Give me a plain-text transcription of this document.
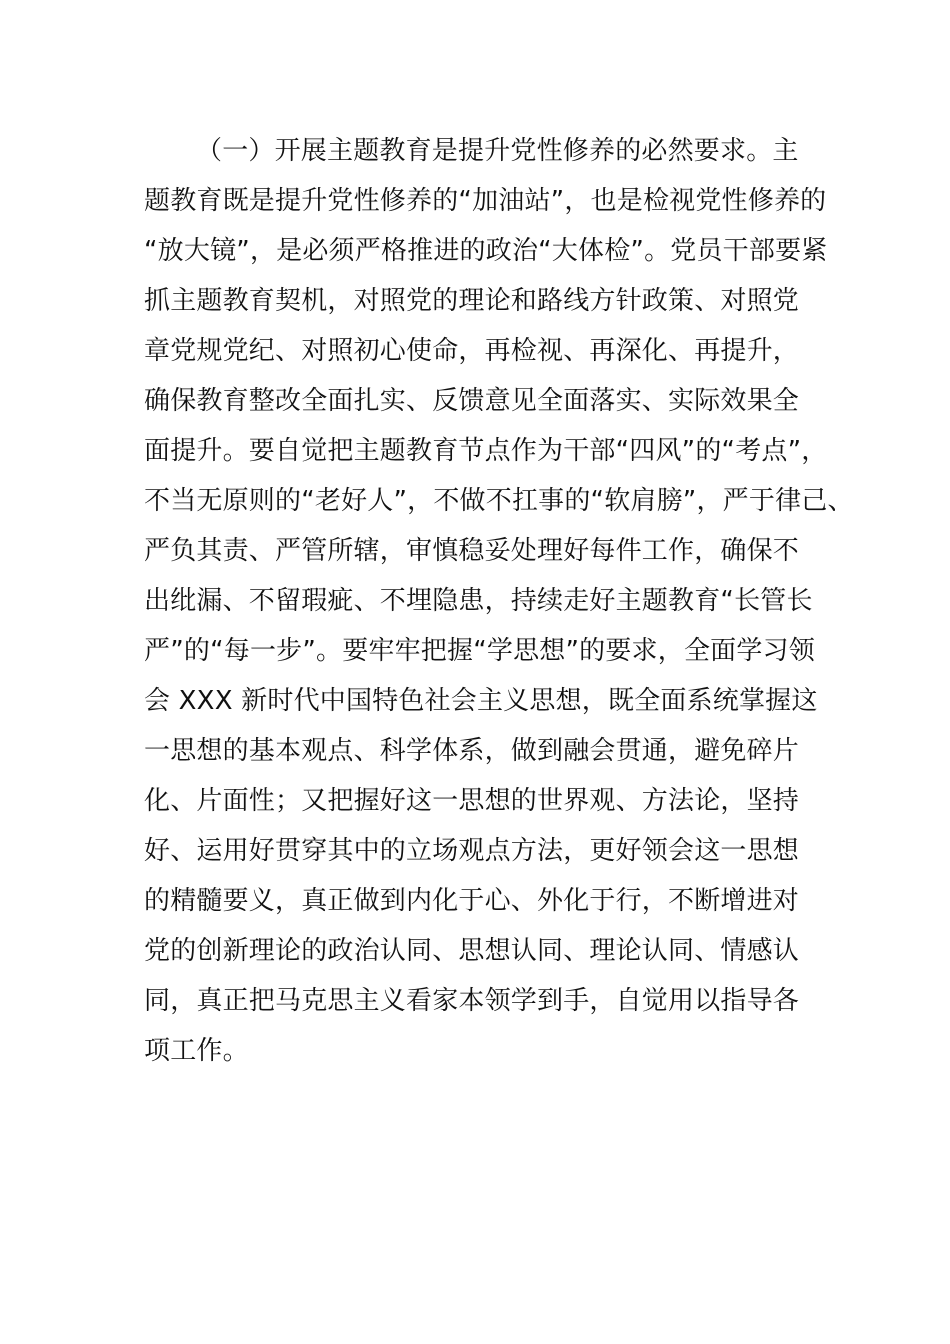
（一）开展主题教育是提升党性修养的必然要求。主
题教育既是提升党性修养的“加油站”，也是检视党性修养的
“放大镜”，是必须严格推进的政治“大体检”。党员干部要紧
抓主题教育契机，对照党的理论和路线方针政策、对照党
章党规党纪、对照初心使命，再检视、再深化、再提升，
确保教育整改全面扎实、反馈意见全面落实、实际效果全
面提升。要自觉把主题教育节点作为干部“四风”的“考点”，
不当无原则的“老好人”，不做不扛事的“软肩膀”，严于律己、
严负其责、严管所辖，审慎稳妥处理好每件工作，确保不
出纰漏、不留瑕疵、不埋隐患，持续走好主题教育“长管长
严”的“每一步”。要牢牢把握“学思想”的要求，全面学习领
会 XXX 新时代中国特色社会主义思想，既全面系统掌握这
一思想的基本观点、科学体系，做到融会贯通，避免碎片
化、片面性；又把握好这一思想的世界观、方法论，坚持
好、运用好贯穿其中的立场观点方法，更好领会这一思想
的精髓要义，真正做到内化于心、外化于行，不断增进对
党的创新理论的政治认同、思想认同、理论认同、情感认
同，真正把马克思主义看家本领学到手，自觉用以指导各
项工作。
